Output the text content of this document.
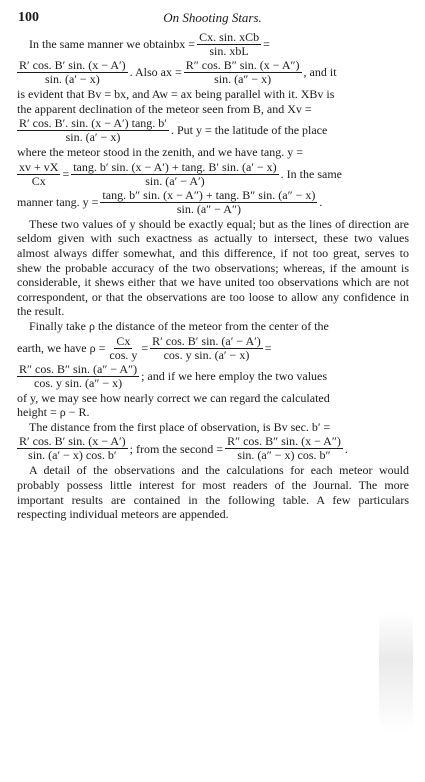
100	On Shooting Stars.
In the same manner we obtain bx = $\frac{\text{Cx. sin. xCb}}{\text{sin. xbL}}$ =
$\frac{R' \cos. B' \sin. (x - A')}{\sin. (a' - x)}$ . Also ax = $\frac{R'' \cos. B'' \sin. (x - A'')}{\sin. (a'' - x)}$ , and it
is evident that Bv = bx, and Aw = ax being parallel with it. XBv is
the apparent declination of the meteor seen from B, and Xv =
$\frac{R' \cos. B'. \sin. (x - A') \tan g. b'}{\sin. (a' - x)}$ . Put y = the latitude of the place
where the meteor stood in the zenith, and we have tang. y =
$\frac{xv + vX}{Cx} = \frac{\tan g. b' \sin. (x - A') + \tan g. B' \sin. (a' - x)}{\sin. (a' - A')}$ . In the same
manner tang. $y = \frac{\tan g. b'' \sin. (x - A'') + \tan g. B'' \sin. (a'' - x)}{\sin. (a'' - A'')}$ .
These two values of y should be exactly equal; but as the lines of direction are seldom given with such exactness as actually to intersect, these two values almost always differ somewhat, and this difference, if not too great, serves to shew the probable accuracy of the two observations; whereas, if the amount is considerable, it shews either that we have united too observations which are not correspondent, or that the observations are too loose to allow any confidence in the result.
Finally take ρ the distance of the meteor from the center of the
earth, we have $\rho = \frac{Cx}{\cos. y} = \frac{R' \cos. B' \sin. (a' - A')}{\text{cos. y sin. (a′ − x)}}$ =
$\frac{R'' \cos. B'' \sin. (a'' - A'')}{\text{cos. y sin. (a″ − x)}}$ ; and if we here employ the two values
of y, we may see how nearly correct we can regard the calculated
height = ρ − R.
The distance from the first place of observation, is Bv sec. b′ =
$\frac{R' \cos. B' \sin. (x - A')}{\sin. (a' - x) \cos. b'}$ ; from the second = $\frac{R'' \cos. B'' \sin. (x - A'')}{\sin. (a'' - x) \cos. b''}$ .
A detail of the observations and the calculations for each meteor would probably possess little interest for most readers of the Journal. The more important results are contained in the following table. A few particulars respecting individual meteors are appended.
